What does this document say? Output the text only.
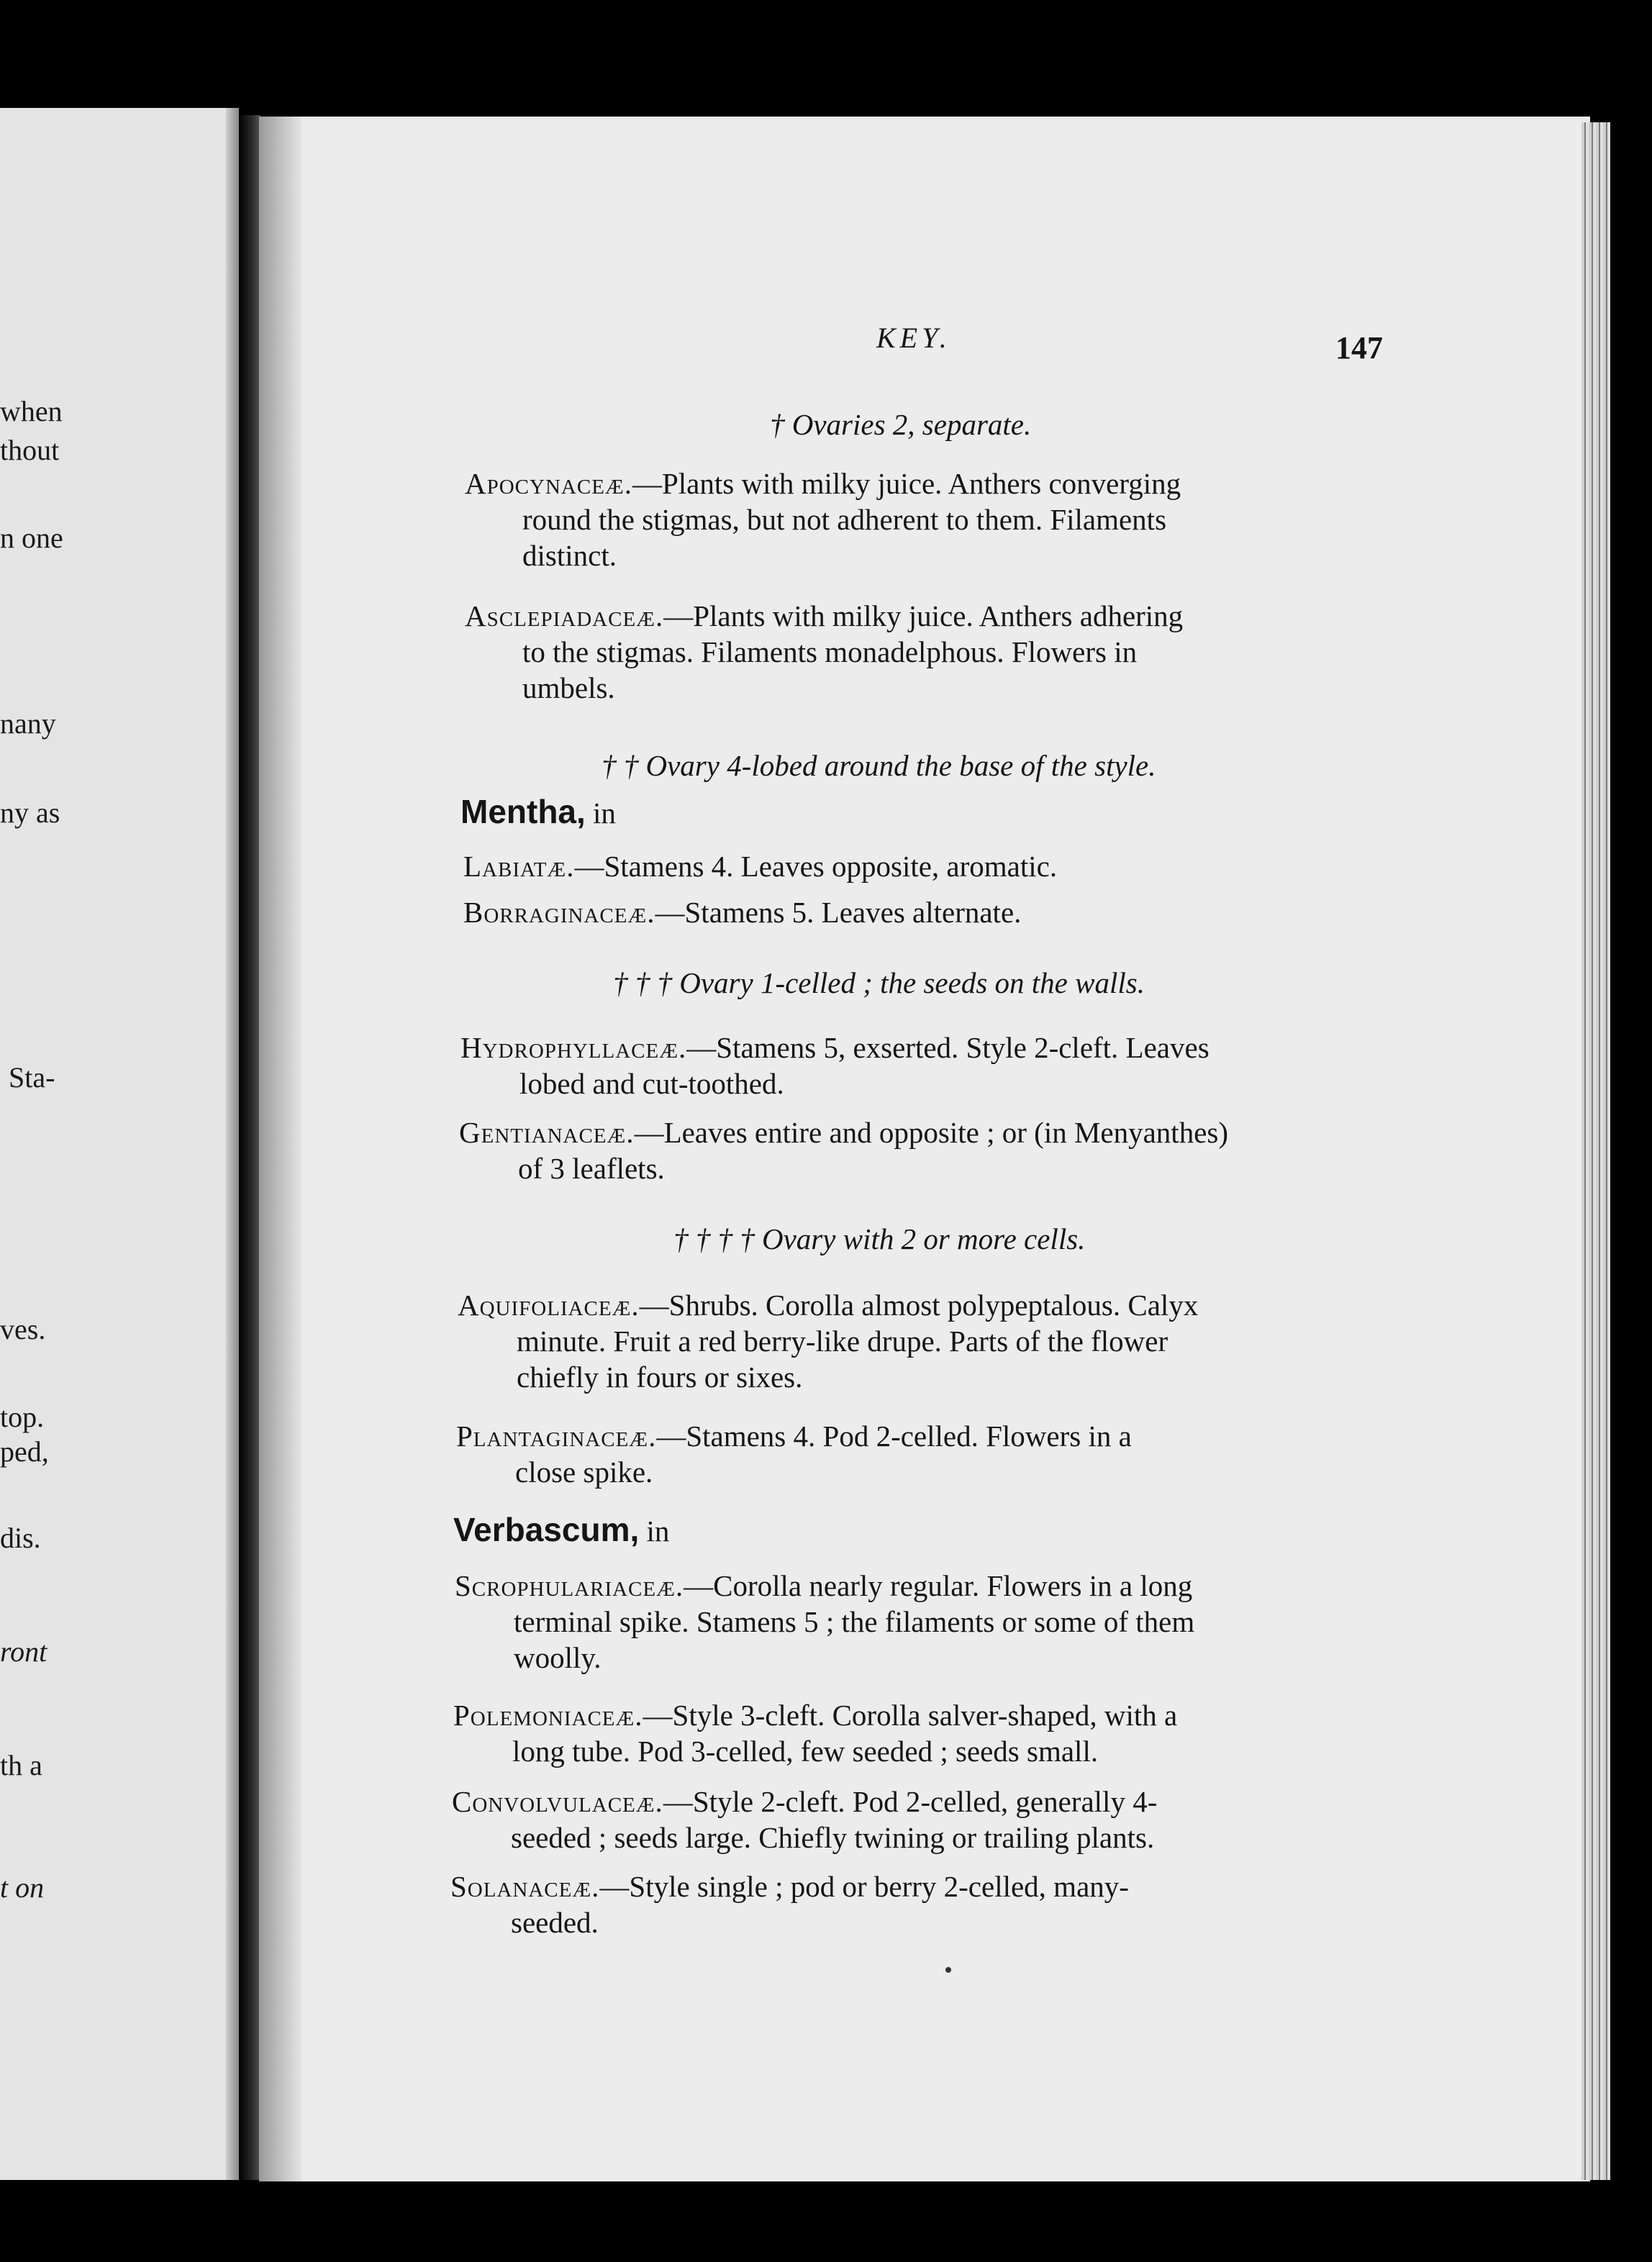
when
thout
n one
nany
ny as
Sta-
ves.
top.
ped,
dis.
ront
th a
t on
KEY.	147
† Ovaries 2, separate.
Apocynaceæ.—Plants with milky juice. Anthers converging
round the stigmas, but not adherent to them. Filaments
distinct.
Asclepiadaceæ.—Plants with milky juice. Anthers adhering
to the stigmas. Filaments monadelphous. Flowers in
umbels.
† † Ovary 4-lobed around the base of the style.
Mentha, in
Labiatæ.—Stamens 4. Leaves opposite, aromatic.
Borraginaceæ.—Stamens 5. Leaves alternate.
† † † Ovary 1-celled ; the seeds on the walls.
Hydrophyllaceæ.—Stamens 5, exserted. Style 2-cleft. Leaves
lobed and cut-toothed.
Gentianaceæ.—Leaves entire and opposite ; or (in Menyanthes)
of 3 leaflets.
† † † † Ovary with 2 or more cells.
Aquifoliaceæ.—Shrubs. Corolla almost polypeptalous. Calyx
minute. Fruit a red berry-like drupe. Parts of the flower
chiefly in fours or sixes.
Plantaginaceæ.—Stamens 4. Pod 2-celled. Flowers in a
close spike.
Verbascum, in
Scrophulariaceæ.—Corolla nearly regular. Flowers in a long
terminal spike. Stamens 5 ; the filaments or some of them
woolly.
Polemoniaceæ.—Style 3-cleft. Corolla salver-shaped, with a
long tube. Pod 3-celled, few seeded ; seeds small.
Convolvulaceæ.—Style 2-cleft. Pod 2-celled, generally 4-
seeded ; seeds large. Chiefly twining or trailing plants.
Solanaceæ.—Style single ; pod or berry 2-celled, many-
seeded.
